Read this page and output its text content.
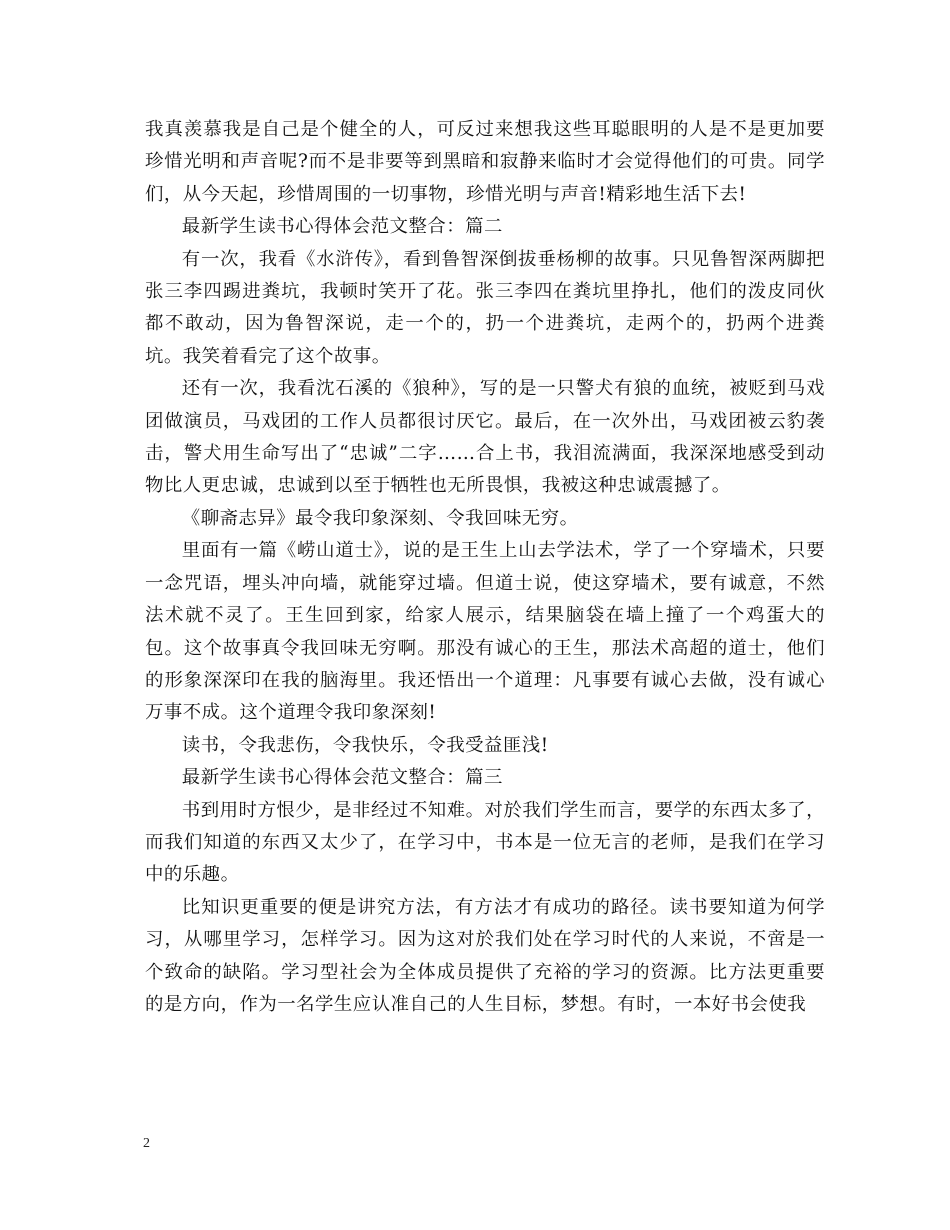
我真羡慕我是自己是个健全的人，可反过来想我这些耳聪眼明的人是不是更加要珍惜光明和声音呢?而不是非要等到黑暗和寂静来临时才会觉得他们的可贵。同学们，从今天起，珍惜周围的一切事物，珍惜光明与声音!精彩地生活下去!

最新学生读书心得体会范文整合：篇二

有一次，我看《水浒传》，看到鲁智深倒拔垂杨柳的故事。只见鲁智深两脚把张三李四踢进粪坑，我顿时笑开了花。张三李四在粪坑里挣扎，他们的泼皮同伙都不敢动，因为鲁智深说，走一个的，扔一个进粪坑，走两个的，扔两个进粪坑。我笑着看完了这个故事。

还有一次，我看沈石溪的《狼种》，写的是一只警犬有狼的血统，被贬到马戏团做演员，马戏团的工作人员都很讨厌它。最后，在一次外出，马戏团被云豹袭击，警犬用生命写出了“忠诚”二字……合上书，我泪流满面，我深深地感受到动物比人更忠诚，忠诚到以至于牺牲也无所畏惧，我被这种忠诚震撼了。

《聊斋志异》最令我印象深刻、令我回味无穷。

里面有一篇《崂山道士》，说的是王生上山去学法术，学了一个穿墙术，只要一念咒语，埋头冲向墙，就能穿过墙。但道士说，使这穿墙术，要有诚意，不然法术就不灵了。王生回到家，给家人展示，结果脑袋在墙上撞了一个鸡蛋大的包。这个故事真令我回味无穷啊。那没有诚心的王生，那法术高超的道士，他们的形象深深印在我的脑海里。我还悟出一个道理：凡事要有诚心去做，没有诚心万事不成。这个道理令我印象深刻!

读书，令我悲伤，令我快乐，令我受益匪浅!

最新学生读书心得体会范文整合：篇三

书到用时方恨少，是非经过不知难。对於我们学生而言，要学的东西太多了，而我们知道的东西又太少了，在学习中，书本是一位无言的老师，是我们在学习中的乐趣。

比知识更重要的便是讲究方法，有方法才有成功的路径。读书要知道为何学习，从哪里学习，怎样学习。因为这对於我们处在学习时代的人来说，不啻是一个致命的缺陷。学习型社会为全体成员提供了充裕的学习的资源。比方法更重要的是方向，作为一名学生应认准自己的人生目标，梦想。有时，一本好书会使我

2
